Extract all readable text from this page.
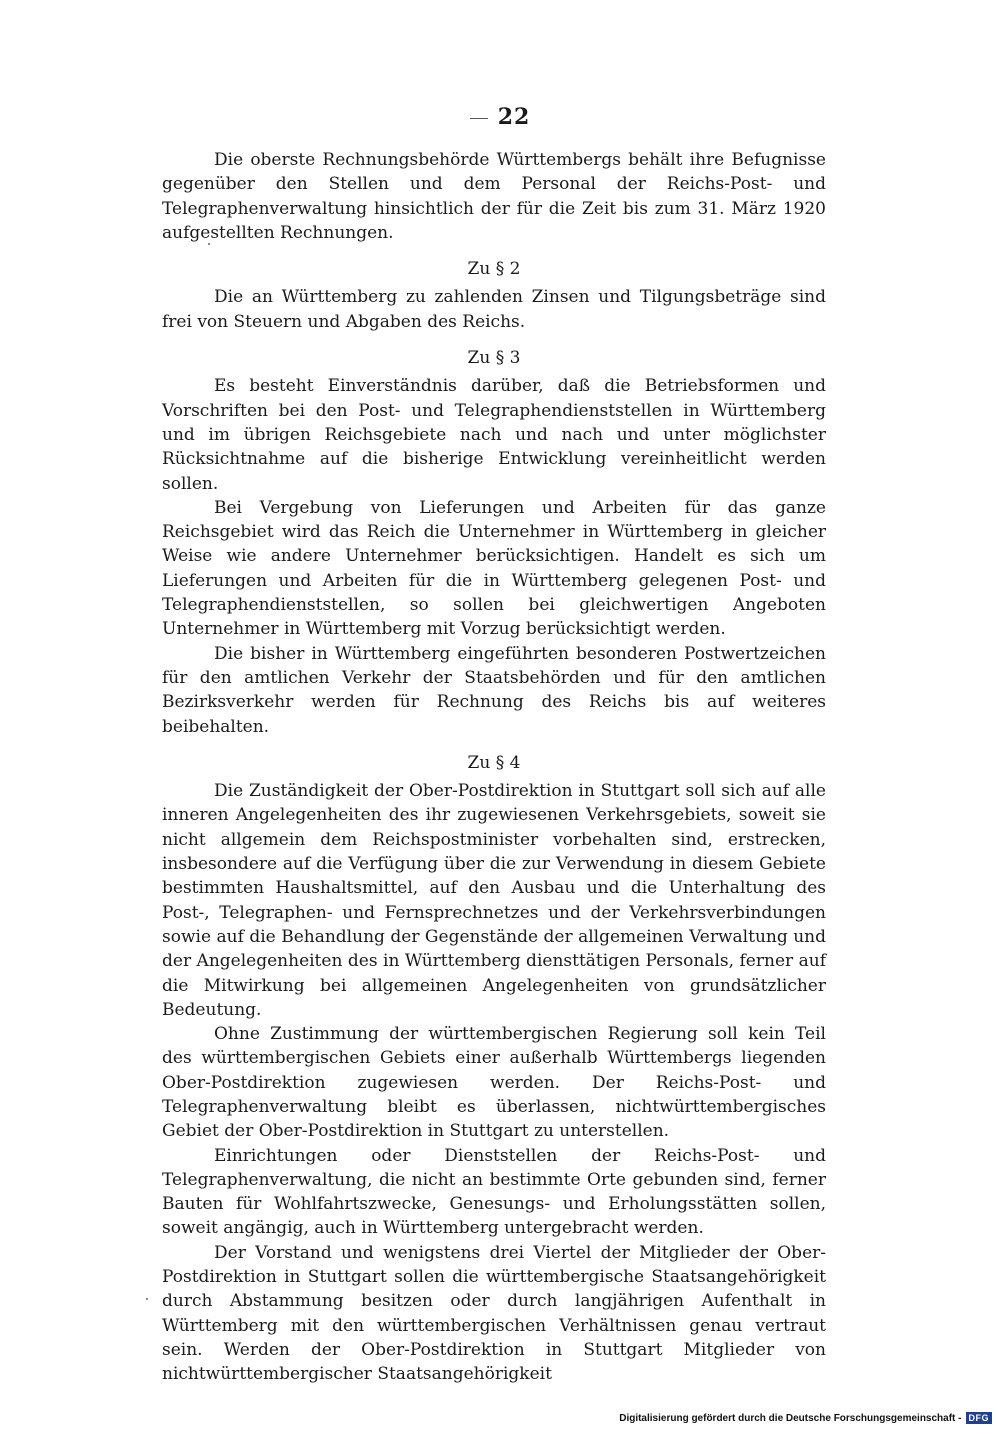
22

Die oberste Rechnungsbehörde Württembergs behält ihre Befugnisse gegenüber den Stellen und dem Personal der Reichs-Post- und Telegraphenverwaltung hinsichtlich der für die Zeit bis zum 31. März 1920 aufgestellten Rechnungen.

Zu § 2

Die an Württemberg zu zahlenden Zinsen und Tilgungsbeträge sind frei von Steuern und Abgaben des Reichs.

Zu § 3

Es besteht Einverständnis darüber, daß die Betriebsformen und Vorschriften bei den Post- und Telegraphendienststellen in Württemberg und im übrigen Reichsgebiete nach und nach und unter möglichster Rücksichtnahme auf die bisherige Entwicklung vereinheitlicht werden sollen.

Bei Vergebung von Lieferungen und Arbeiten für das ganze Reichsgebiet wird das Reich die Unternehmer in Württemberg in gleicher Weise wie andere Unternehmer berücksichtigen. Handelt es sich um Lieferungen und Arbeiten für die in Württemberg gelegenen Post- und Telegraphendienststellen, so sollen bei gleichwertigen Angeboten Unternehmer in Württemberg mit Vorzug berücksichtigt werden.

Die bisher in Württemberg eingeführten besonderen Postwertzeichen für den amtlichen Verkehr der Staatsbehörden und für den amtlichen Bezirksverkehr werden für Rechnung des Reichs bis auf weiteres beibehalten.

Zu § 4

Die Zuständigkeit der Ober-Postdirektion in Stuttgart soll sich auf alle inneren Angelegenheiten des ihr zugewiesenen Verkehrsgebiets, soweit sie nicht allgemein dem Reichspostminister vorbehalten sind, erstrecken, insbesondere auf die Verfügung über die zur Verwendung in diesem Gebiete bestimmten Haushaltsmittel, auf den Ausbau und die Unterhaltung des Post-, Telegraphen- und Fernsprechnetzes und der Verkehrsverbindungen sowie auf die Behandlung der Gegenstände der allgemeinen Verwaltung und der Angelegenheiten des in Württemberg diensttätigen Personals, ferner auf die Mitwirkung bei allgemeinen Angelegenheiten von grundsätzlicher Bedeutung.

Ohne Zustimmung der württembergischen Regierung soll kein Teil des württembergischen Gebiets einer außerhalb Württembergs liegenden Ober-Postdirektion zugewiesen werden. Der Reichs-Post- und Telegraphenverwaltung bleibt es überlassen, nichtwürttembergisches Gebiet der Ober-Postdirektion in Stuttgart zu unterstellen.

Einrichtungen oder Dienststellen der Reichs-Post- und Telegraphenverwaltung, die nicht an bestimmte Orte gebunden sind, ferner Bauten für Wohlfahrtszwecke, Genesungs- und Erholungsstätten sollen, soweit angängig, auch in Württemberg untergebracht werden.

Der Vorstand und wenigstens drei Viertel der Mitglieder der Ober-Postdirektion in Stuttgart sollen die württembergische Staatsangehörigkeit durch Abstammung besitzen oder durch langjährigen Aufenthalt in Württemberg mit den württembergischen Verhältnissen genau vertraut sein. Werden der Ober-Postdirektion in Stuttgart Mitglieder von nichtwürttembergischer Staatsangehörigkeit

Digitalisierung gefördert durch die Deutsche Forschungsgemeinschaft - DFG
